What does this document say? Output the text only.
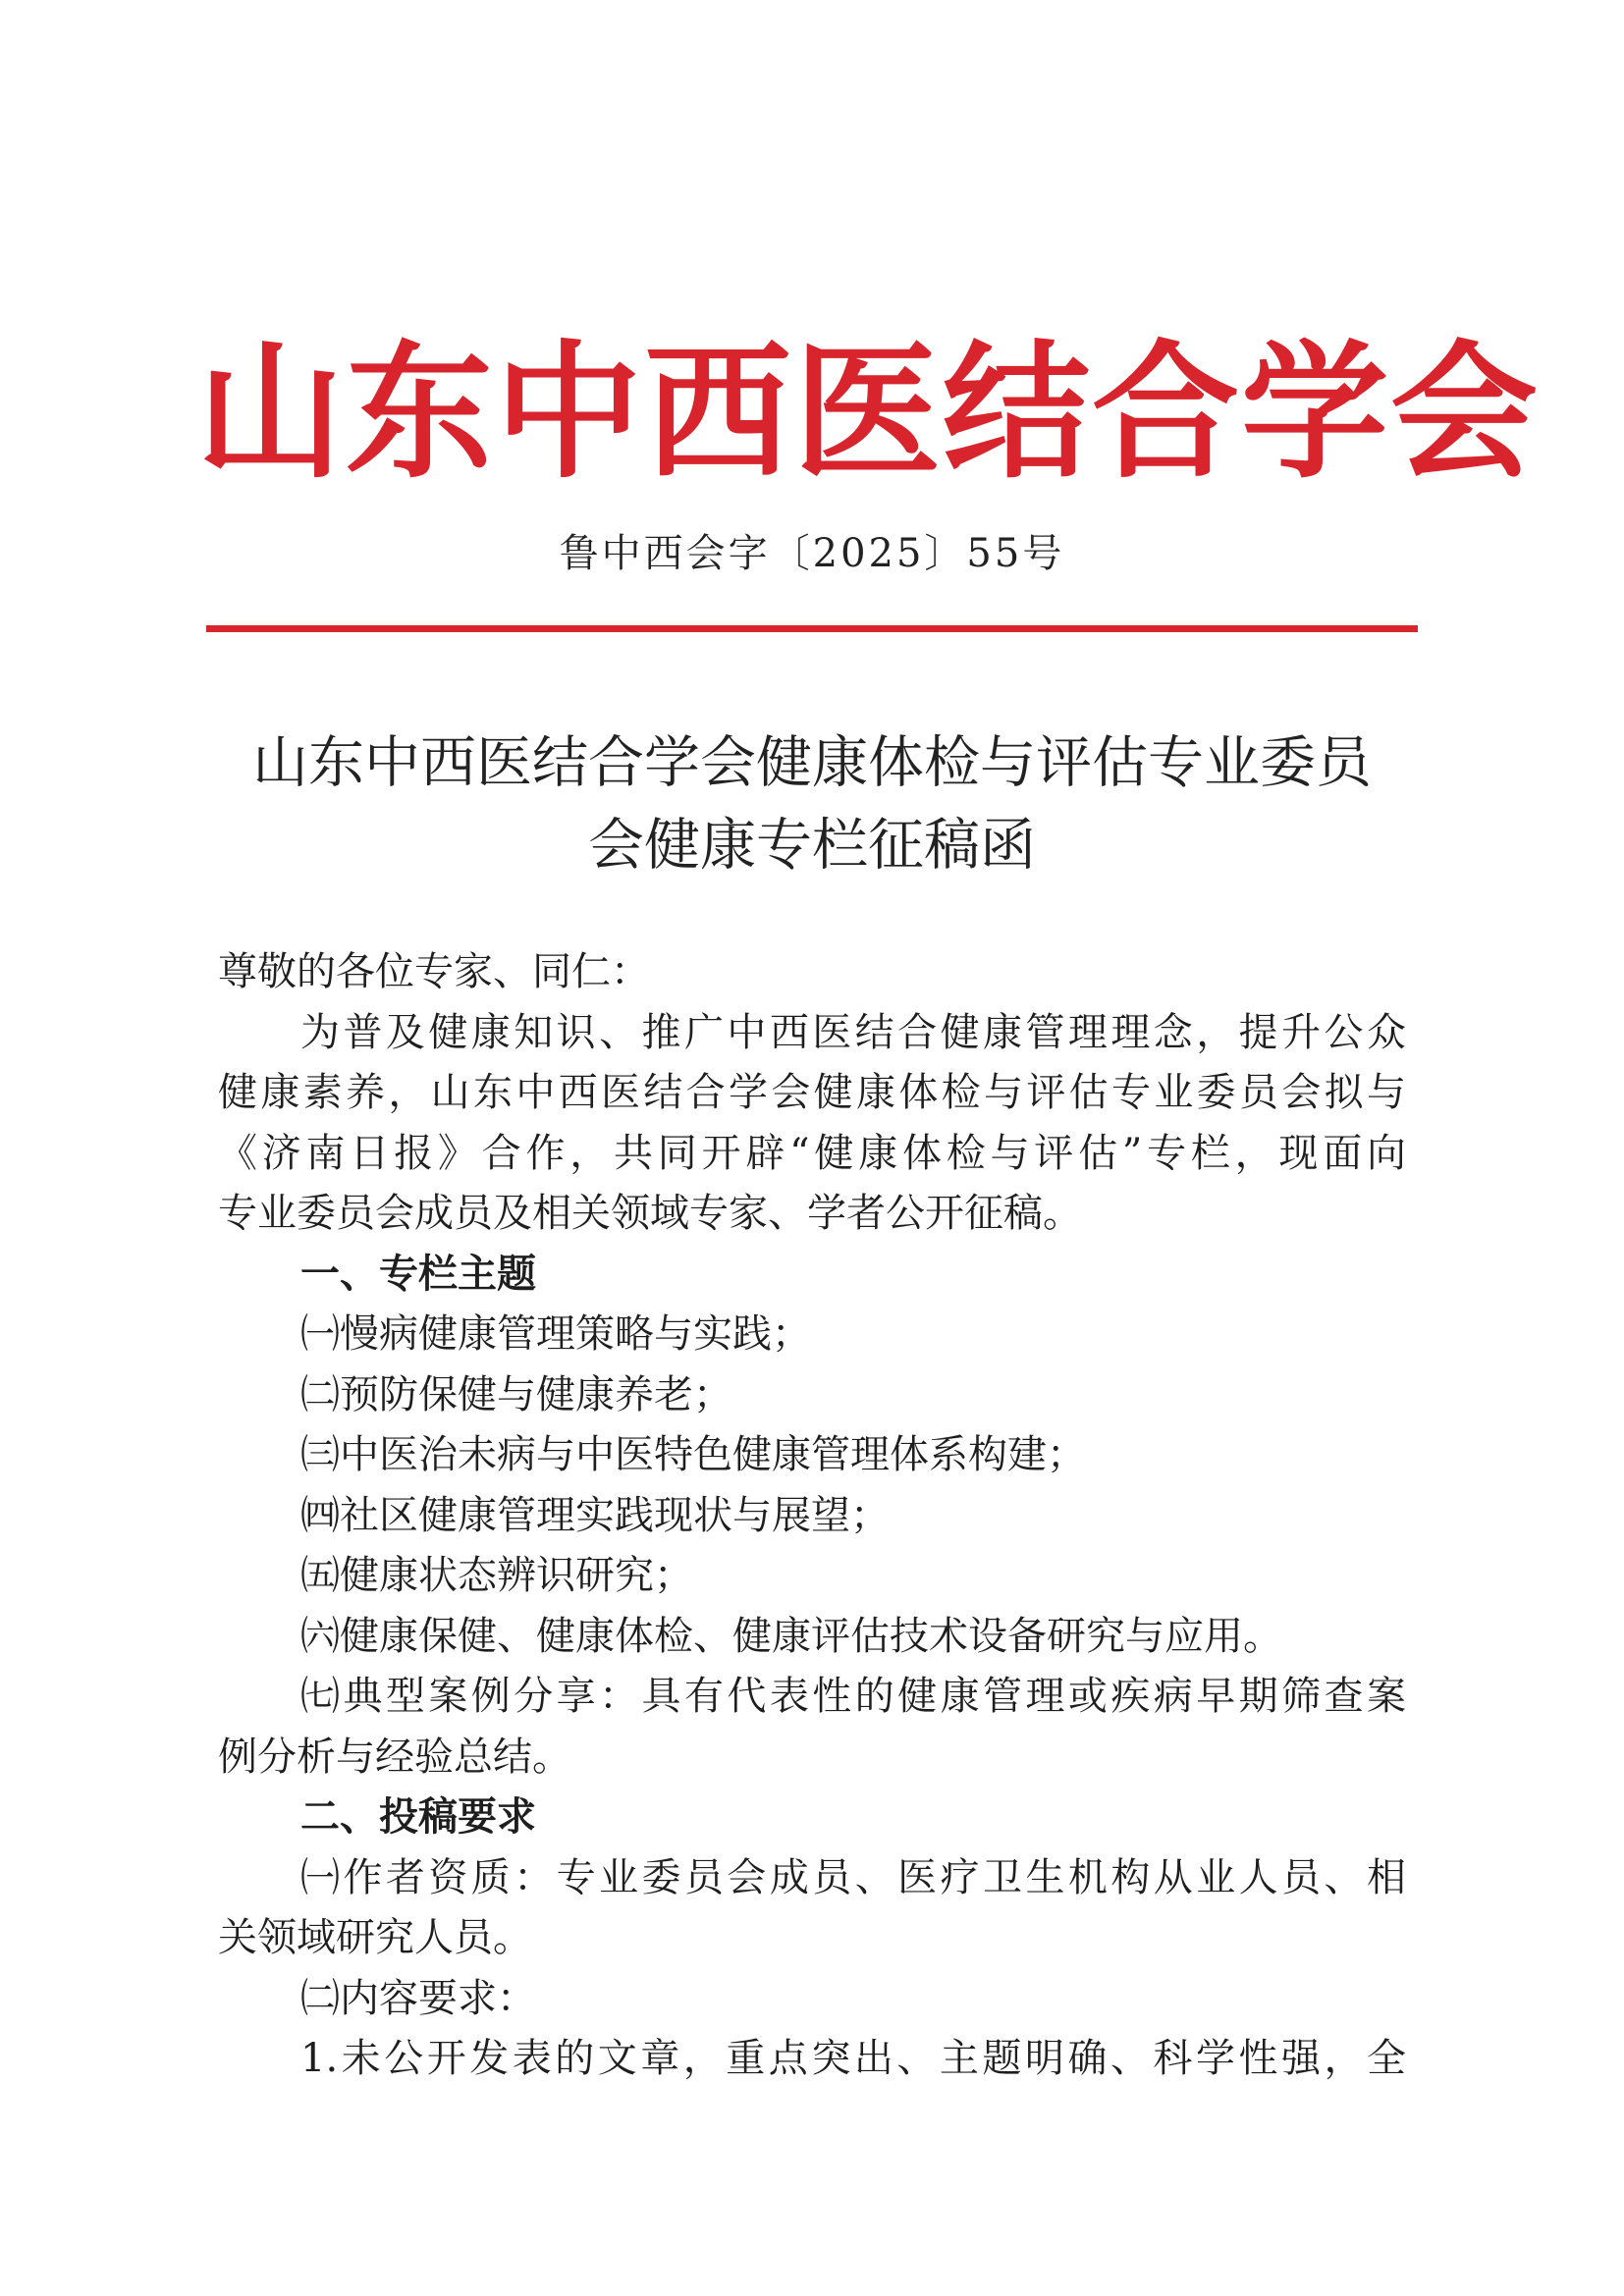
山东中西医结合学会
鲁中西会字〔2025〕55号
山东中西医结合学会健康体检与评估专业委员
会健康专栏征稿函
尊敬的各位专家、同仁：
为普及健康知识、推广中西医结合健康管理理念，提升公众
健康素养，山东中西医结合学会健康体检与评估专业委员会拟与
《济南日报》合作，共同开辟“健康体检与评估”专栏，现面向
专业委员会成员及相关领域专家、学者公开征稿。
一、专栏主题
㈠慢病健康管理策略与实践；
㈡预防保健与健康养老；
㈢中医治未病与中医特色健康管理体系构建；
㈣社区健康管理实践现状与展望；
㈤健康状态辨识研究；
㈥健康保健、健康体检、健康评估技术设备研究与应用。
㈦典型案例分享：具有代表性的健康管理或疾病早期筛查案
例分析与经验总结。
二、投稿要求
㈠作者资质：专业委员会成员、医疗卫生机构从业人员、相
关领域研究人员。
㈡内容要求：
1.未公开发表的文章，重点突出、主题明确、科学性强，全
